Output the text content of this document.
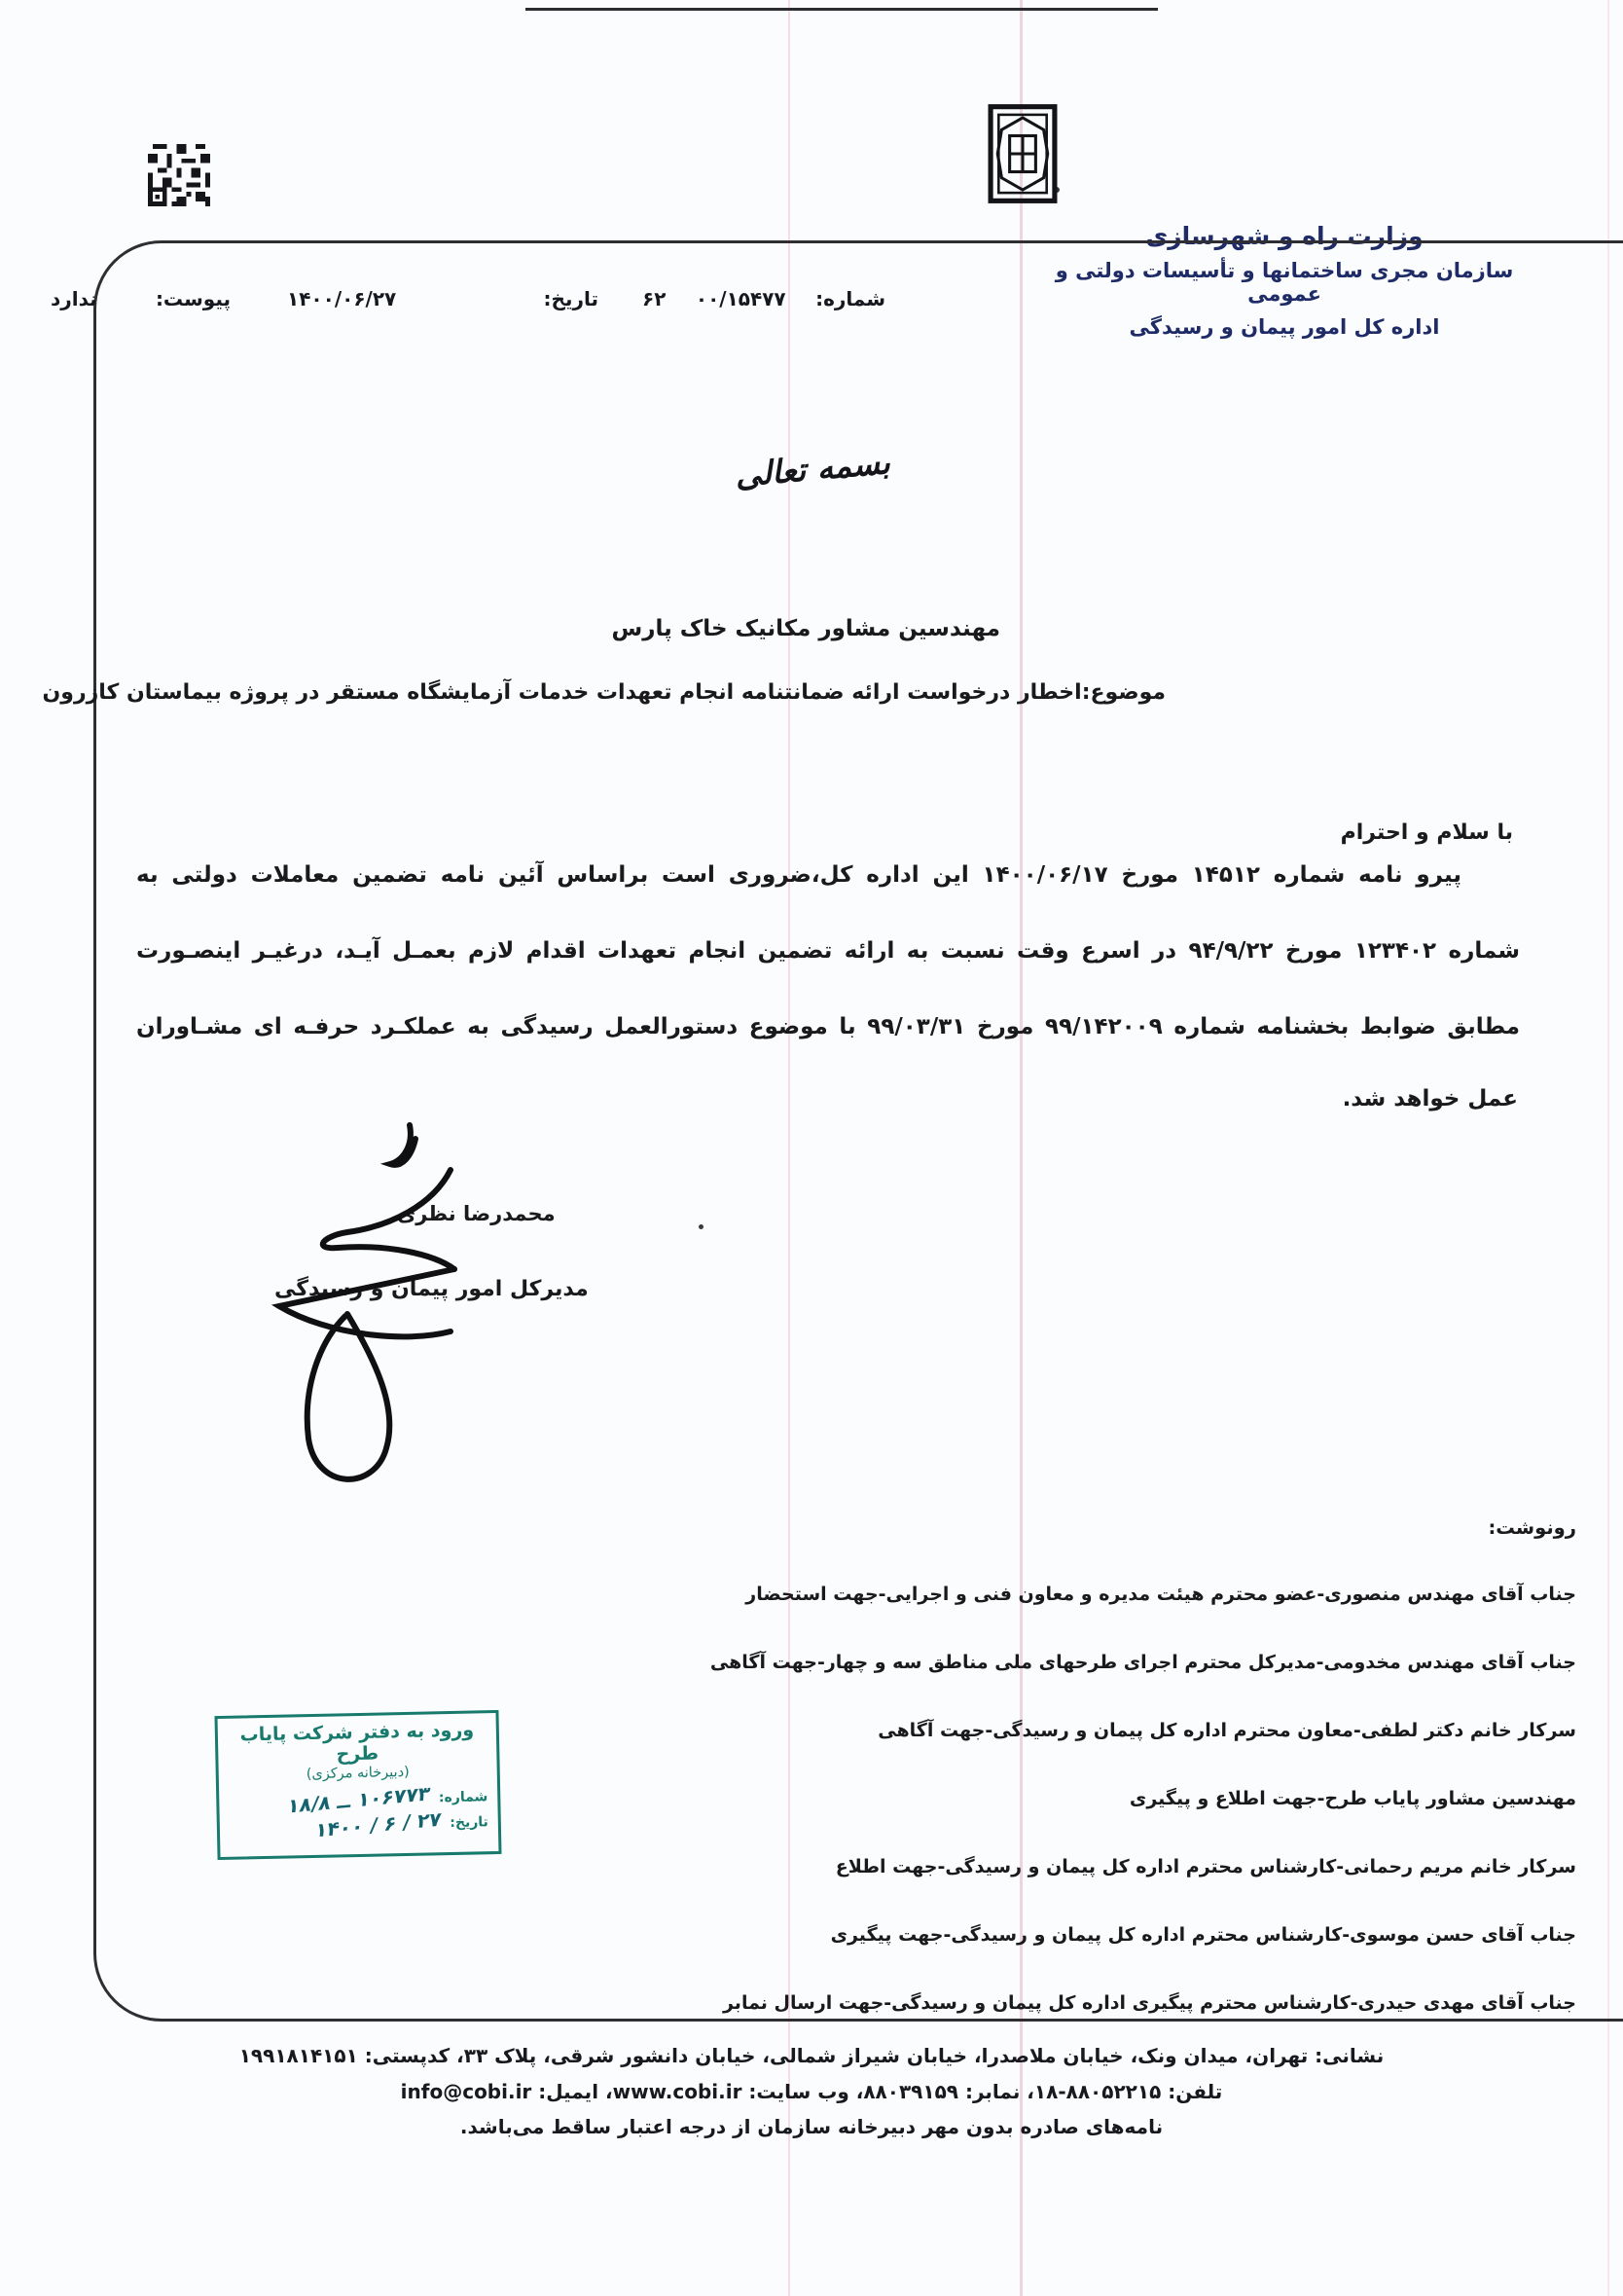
وزارت راه و شهرسازی
سازمان مجری ساختمانها و تأسیسات دولتی و عمومی
اداره کل امور پیمان و رسیدگی
شماره:
۰۰/۱۵۴۷۷
۶۲
تاریخ:
۱۴۰۰/۰۶/۲۷
پیوست:
ندارد
بسمه تعالی
مهندسین مشاور مکانیک خاک پارس
موضوع:اخطار درخواست ارائه ضمانتنامه انجام تعهدات خدمات آزمایشگاه مستقر در پروژه بیماستان کازرون
با سلام و احترام
پیرو نامه شماره ۱۴۵۱۲ مورخ ۱۴۰۰/۰۶/۱۷ این اداره کل،ضروری است براساس آئین نامه تضمین معاملات دولتی به
شماره ۱۲۳۴۰۲ مورخ ۹۴/۹/۲۲ در اسرع وقت نسبت به ارائه تضمین انجام تعهدات اقدام لازم بعمـل آیـد، درغیـر اینصـورت
مطابق ضوابط بخشنامه شماره ۹۹/۱۴۲۰۰۹ مورخ ۹۹/۰۳/۳۱ با موضوع دستورالعمل رسیدگی به عملکـرد حرفـه ای مشـاوران
عمل خواهد شد.
محمدرضا نظری
مدیرکل امور پیمان و رسیدگی
رونوشت:
جناب آقای مهندس منصوری-عضو محترم هیئت مدیره و معاون فنی و اجرایی-جهت استحضار
جناب آقای مهندس مخدومی-مدیرکل محترم اجرای طرحهای ملی مناطق سه و چهار-جهت آگاهی
سرکار خانم دکتر لطفی-معاون محترم اداره کل پیمان و رسیدگی-جهت آگاهی
مهندسین مشاور پایاب طرح-جهت اطلاع و پیگیری
سرکار خانم مریم رحمانی-کارشناس محترم اداره کل پیمان و رسیدگی-جهت اطلاع
جناب آقای حسن موسوی-کارشناس محترم اداره کل پیمان و رسیدگی-جهت پیگیری
جناب آقای مهدی حیدری-کارشناس محترم پیگیری اداره کل پیمان و رسیدگی-جهت ارسال نمابر
ورود به دفتر شرکت پایاب طرح
(دبیرخانه مرکزی)
شماره:
۱۰۶۷۷۳ ــ ۱۸/۸
تاریخ:
۲۷ / ۶ / ۱۴۰۰
نشانی: تهران، میدان ونک، خیابان ملاصدرا، خیابان شیراز شمالی، خیابان دانشور شرقی، پلاک ۳۳، کدپستی: ۱۹۹۱۸۱۴۱۵۱
تلفن: ۸۸۰۵۲۲۱۵-۱۸، نمابر: ۸۸۰۳۹۱۵۹، وب سایت: www.cobi.ir، ایمیل: info@cobi.ir
نامه‌های صادره بدون مهر دبیرخانه سازمان از درجه اعتبار ساقط می‌باشد.
